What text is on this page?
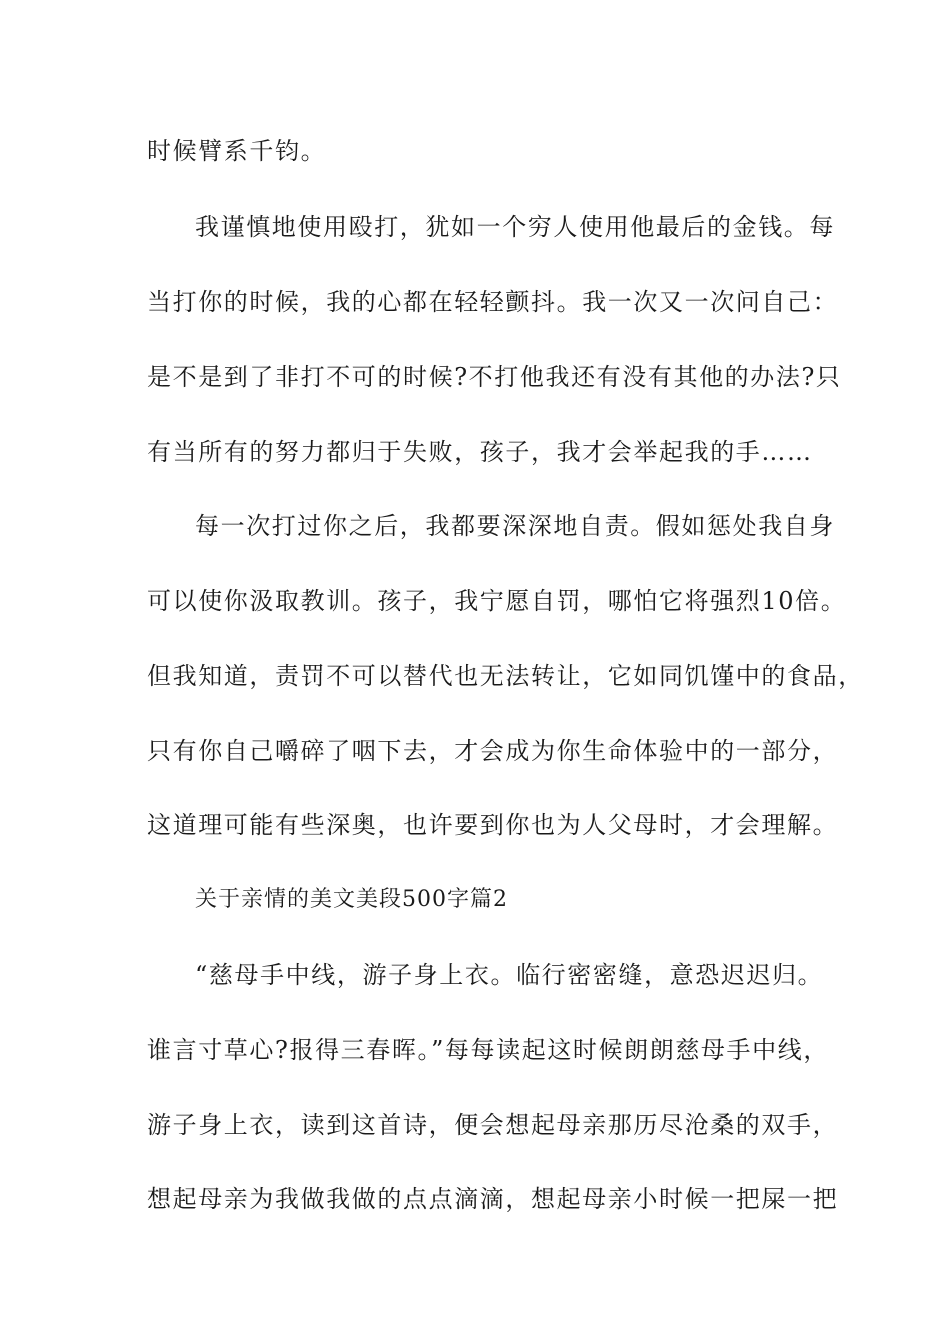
时候臂系千钧。
我谨慎地使用殴打，犹如一个穷人使用他最后的金钱。每
当打你的时候，我的心都在轻轻颤抖。我一次又一次问自己：
是不是到了非打不可的时候?不打他我还有没有其他的办法?只
有当所有的努力都归于失败，孩子，我才会举起我的手……
每一次打过你之后，我都要深深地自责。假如惩处我自身
可以使你汲取教训。孩子，我宁愿自罚，哪怕它将强烈10倍。
但我知道，责罚不可以替代也无法转让，它如同饥馑中的食品，
只有你自己嚼碎了咽下去，才会成为你生命体验中的一部分，
这道理可能有些深奥，也许要到你也为人父母时，才会理解。
关于亲情的美文美段500字篇2
“慈母手中线，游子身上衣。临行密密缝，意恐迟迟归。
谁言寸草心?报得三春晖。”每每读起这时候朗朗慈母手中线，
游子身上衣，读到这首诗，便会想起母亲那历尽沧桑的双手，
想起母亲为我做我做的点点滴滴，想起母亲小时候一把屎一把
